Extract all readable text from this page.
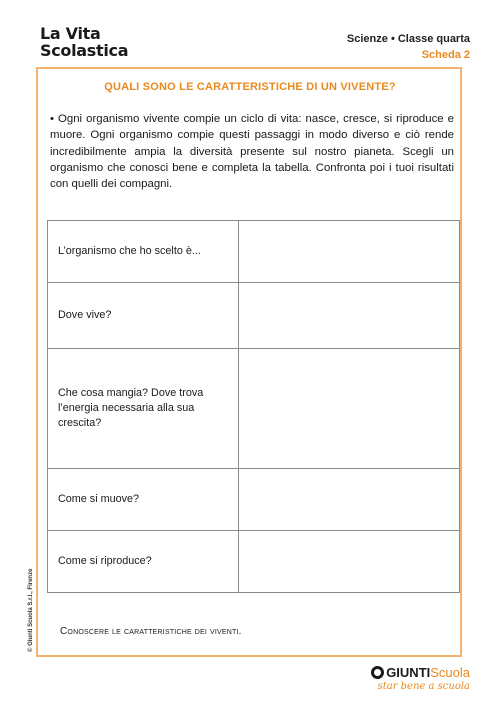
La Vita
Scolastica
Scienze • Classe quarta
Scheda 2
QUALI SONO LE CARATTERISTICHE DI UN VIVENTE?
• Ogni organismo vivente compie un ciclo di vita: nasce, cresce, si riproduce e muore. Ogni organismo compie questi passaggi in modo diverso e ciò rende incredibilmente ampia la diversità presente sul nostro pianeta. Scegli un organismo che conosci bene e completa la tabella. Confronta poi i tuoi risultati con quelli dei compagni.
L’organismo che ho scelto è...	
Dove vive?	
Che cosa mangia? Dove trova l’energia necessaria alla sua crescita?	
Come si muove?	
Come si riproduce?	
Conoscere le caratteristiche dei viventi.
© Giunti Scuola S.r.l., Firenze
GIUNTI Scuola
star bene a scuola
